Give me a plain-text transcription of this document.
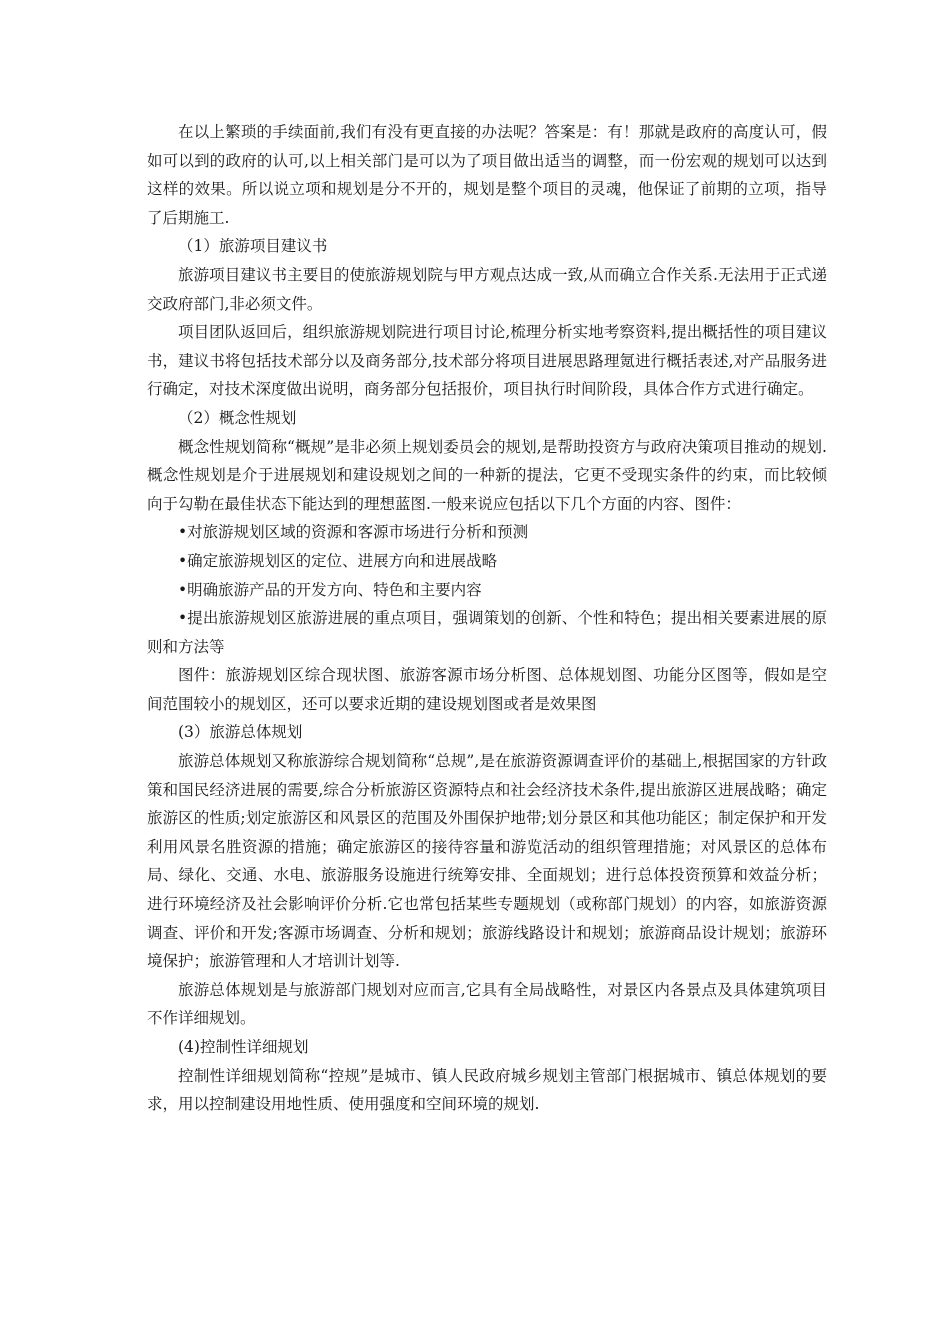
在以上繁琐的手续面前,我们有没有更直接的办法呢？答案是：有！那就是政府的高度认可，假如可以到的政府的认可,以上相关部门是可以为了项目做出适当的调整，而一份宏观的规划可以达到这样的效果。所以说立项和规划是分不开的，规划是整个项目的灵魂，他保证了前期的立项，指导了后期施工.

（1）旅游项目建议书

旅游项目建议书主要目的使旅游规划院与甲方观点达成一致,从而确立合作关系.无法用于正式递交政府部门,非必须文件。

项目团队返回后，组织旅游规划院进行项目讨论,梳理分析实地考察资料,提出概括性的项目建议书，建议书将包括技术部分以及商务部分,技术部分将项目进展思路理氪进行概括表述,对产品服务进行确定，对技术深度做出说明，商务部分包括报价，项目执行时间阶段，具体合作方式进行确定。

（2）概念性规划

概念性规划简称“概规”是非必须上规划委员会的规划,是帮助投资方与政府决策项目推动的规划.概念性规划是介于进展规划和建设规划之间的一种新的提法，它更不受现实条件的约束，而比较倾向于勾勒在最佳状态下能达到的理想蓝图.一般来说应包括以下几个方面的内容、图件：

•对旅游规划区域的资源和客源市场进行分析和预测

•确定旅游规划区的定位、进展方向和进展战略

•明确旅游产品的开发方向、特色和主要内容

•提出旅游规划区旅游进展的重点项目，强调策划的创新、个性和特色；提出相关要素进展的原则和方法等

图件：旅游规划区综合现状图、旅游客源市场分析图、总体规划图、功能分区图等，假如是空间范围较小的规划区，还可以要求近期的建设规划图或者是效果图

(3）旅游总体规划

旅游总体规划又称旅游综合规划简称“总规”,是在旅游资源调查评价的基础上,根据国家的方针政策和国民经济进展的需要,综合分析旅游区资源特点和社会经济技术条件,提出旅游区进展战略；确定旅游区的性质;划定旅游区和风景区的范围及外围保护地带;划分景区和其他功能区；制定保护和开发利用风景名胜资源的措施；确定旅游区的接待容量和游览活动的组织管理措施；对风景区的总体布局、绿化、交通、水电、旅游服务设施进行统筹安排、全面规划；进行总体投资预算和效益分析；进行环境经济及社会影响评价分析.它也常包括某些专题规划（或称部门规划）的内容，如旅游资源调查、评价和开发;客源市场调查、分析和规划；旅游线路设计和规划；旅游商品设计规划；旅游环境保护；旅游管理和人才培训计划等.

旅游总体规划是与旅游部门规划对应而言,它具有全局战略性，对景区内各景点及具体建筑项目不作详细规划。

(4)控制性详细规划

控制性详细规划简称“控规”是城市、镇人民政府城乡规划主管部门根据城市、镇总体规划的要求，用以控制建设用地性质、使用强度和空间环境的规划.
